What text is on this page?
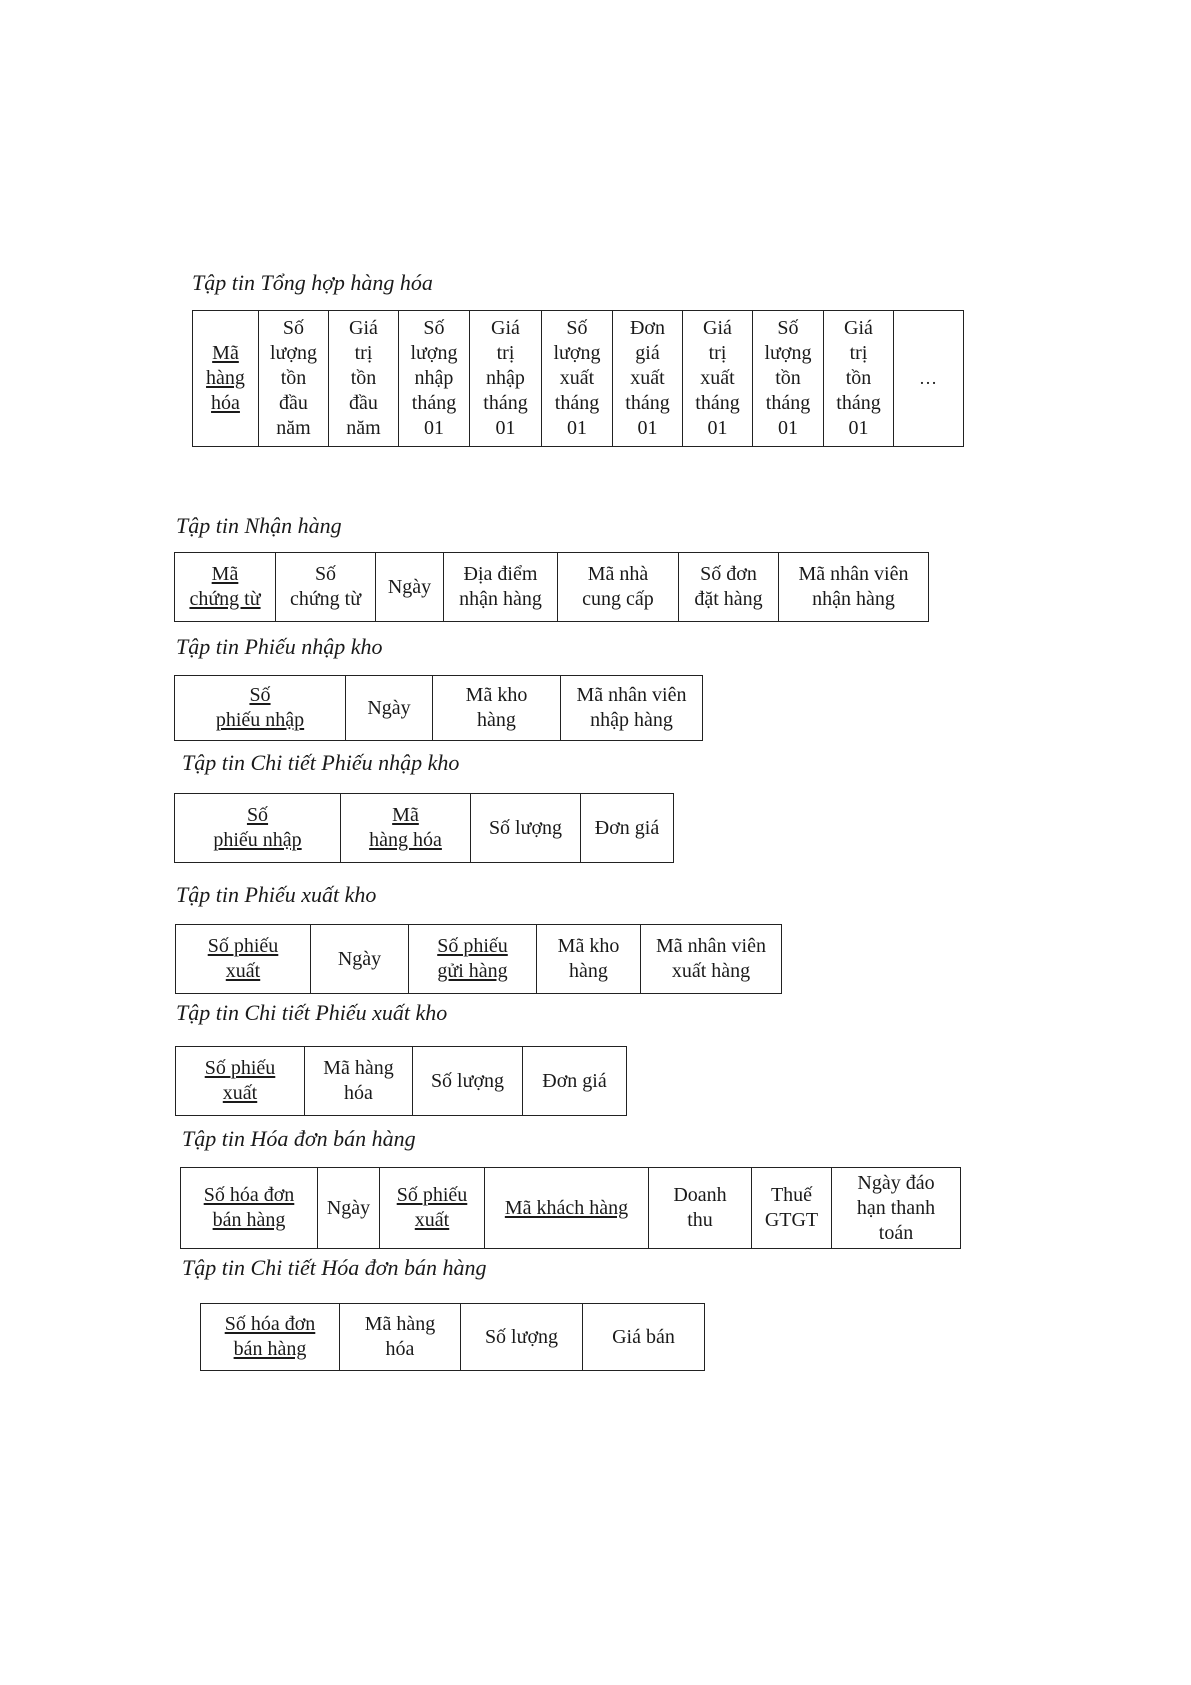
Tập tin Tổng hợp hàng hóa
Mã
hàng
hóa	Số
lượng
tồn
đầu
năm	Giá
trị
tồn
đầu
năm	Số
lượng
nhập
tháng
01	Giá
trị
nhập
tháng
01	Số
lượng
xuất
tháng
01	Đơn
giá
xuất
tháng
01	Giá
trị
xuất
tháng
01	Số
lượng
tồn
tháng
01	Giá
trị
tồn
tháng
01	…
Tập tin Nhận hàng
Mã
chứng từ	Số
chứng từ	Ngày	Địa điểm
nhận hàng	Mã nhà
cung cấp	Số đơn
đặt hàng	Mã nhân viên
nhận hàng
Tập tin Phiếu nhập kho
Số
phiếu nhập	Ngày	Mã kho
hàng	Mã nhân viên
nhập hàng
Tập tin Chi tiết Phiếu nhập kho
Số
phiếu nhập	Mã
hàng hóa	Số lượng	Đơn giá
Tập tin Phiếu xuất kho
Số phiếu
xuất	Ngày	Số phiếu
gửi hàng	Mã kho
hàng	Mã nhân viên
xuất hàng
Tập tin Chi tiết Phiếu xuất kho
Số phiếu
xuất	Mã hàng
hóa	Số lượng	Đơn giá
Tập tin Hóa đơn bán hàng
Số hóa đơn
bán hàng	Ngày	Số phiếu
xuất	Mã khách hàng	Doanh
thu	Thuế
GTGT	Ngày đáo
hạn thanh
toán
Tập tin Chi tiết Hóa đơn bán hàng
Số hóa đơn
bán hàng	Mã hàng
hóa	Số lượng	Giá bán
